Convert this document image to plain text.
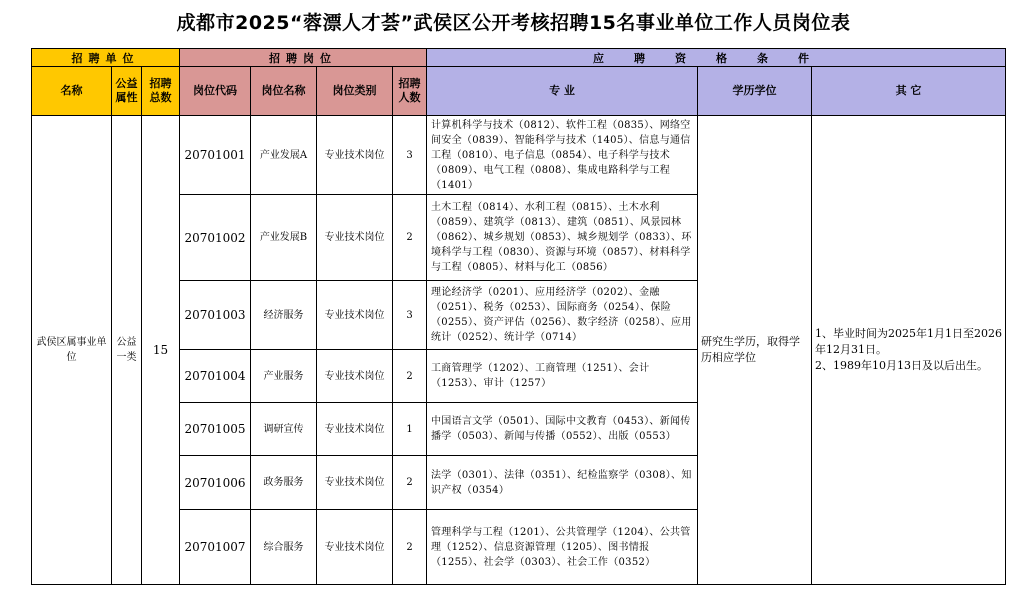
成都市2025“蓉漂人才荟”武侯区公开考核招聘15名事业单位工作人员岗位表
招聘单位			招聘岗位				应聘资格条件		
名称	公益属性	招聘总数	岗位代码	岗位名称	岗位类别	招聘人数	专 业	学历学位	其 它
武侯区属事业单位	公益一类	15	20701001	产业发展A	专业技术岗位	3	计算机科学与技术（0812）、软件工程（0835）、网络空间安全（0839）、智能科学与技术（1405）、信息与通信工程（0810）、电子信息（0854）、电子科学与技术（0809）、电气工程（0808）、集成电路科学与工程（1401）	研究生学历，取得学历相应学位	1、毕业时间为2025年1月1日至2026年12月31日。
2、1989年10月13日及以后出生。
			20701002	产业发展B	专业技术岗位	2	土木工程（0814）、水利工程（0815）、土木水利（0859）、建筑学（0813）、建筑（0851）、风景园林（0862）、城乡规划（0853）、城乡规划学（0833）、环境科学与工程（0830）、资源与环境（0857）、材料科学与工程（0805）、材料与化工（0856）		
			20701003	经济服务	专业技术岗位	3	理论经济学（0201）、应用经济学（0202）、金融（0251）、税务（0253）、国际商务（0254）、保险（0255）、资产评估（0256）、数字经济（0258）、应用统计（0252）、统计学（0714）		
			20701004	产业服务	专业技术岗位	2	工商管理学（1202）、工商管理（1251）、会计（1253）、审计（1257）		
			20701005	调研宣传	专业技术岗位	1	中国语言文学（0501）、国际中文教育（0453）、新闻传播学（0503）、新闻与传播（0552）、出版（0553）		
			20701006	政务服务	专业技术岗位	2	法学（0301）、法律（0351）、纪检监察学（0308）、知识产权（0354）		
			20701007	综合服务	专业技术岗位	2	管理科学与工程（1201）、公共管理学（1204）、公共管理（1252）、信息资源管理（1205）、图书情报（1255）、社会学（0303）、社会工作（0352）		
